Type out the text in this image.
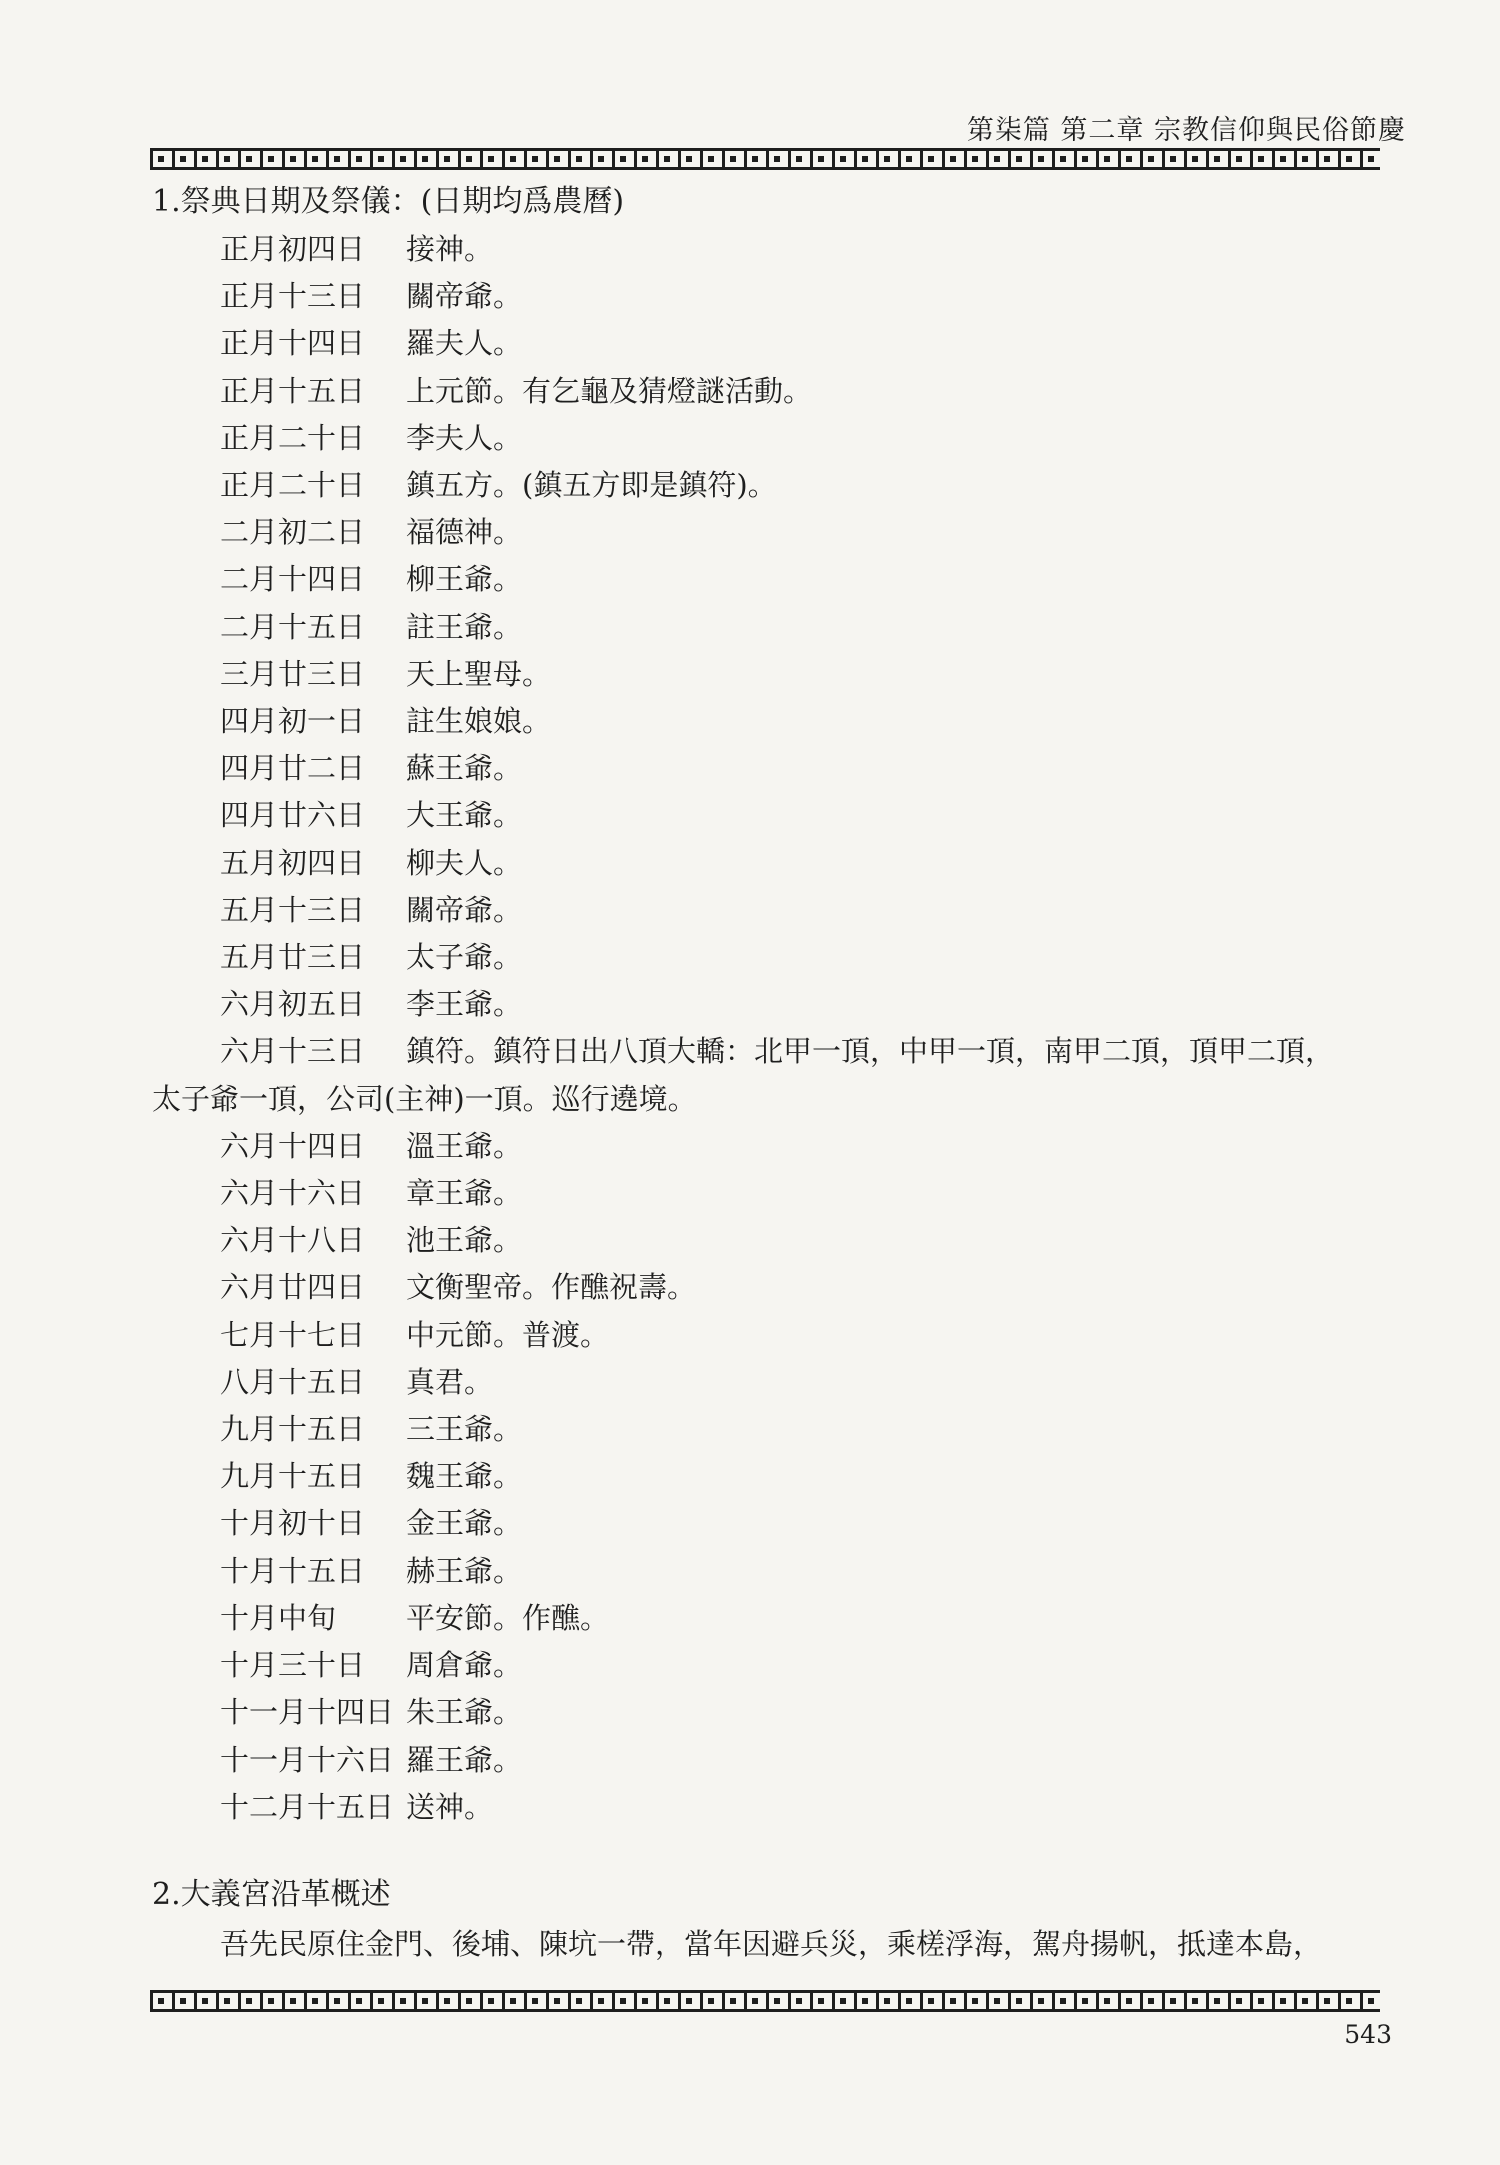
第柒篇 第二章 宗教信仰與民俗節慶

1.祭典日期及祭儀：(日期均爲農曆)

正月初四日 接神。
正月十三日 關帝爺。
正月十四日 羅夫人。
正月十五日 上元節。有乞龜及猜燈謎活動。
正月二十日 李夫人。
正月二十日 鎮五方。(鎮五方即是鎮符)。
二月初二日 福德神。
二月十四日 柳王爺。
二月十五日 註王爺。
三月廿三日 天上聖母。
四月初一日 註生娘娘。
四月廿二日 蘇王爺。
四月廿六日 大王爺。
五月初四日 柳夫人。
五月十三日 關帝爺。
五月廿三日 太子爺。
六月初五日 李王爺。
六月十三日 鎮符。鎮符日出八頂大轎：北甲一頂，中甲一頂，南甲二頂，頂甲二頂，
太子爺一頂，公司(主神)一頂。巡行遶境。
六月十四日 溫王爺。
六月十六日 章王爺。
六月十八日 池王爺。
六月廿四日 文衡聖帝。作醮祝壽。
七月十七日 中元節。普渡。
八月十五日 真君。
九月十五日 三王爺。
九月十五日 魏王爺。
十月初十日 金王爺。
十月十五日 赫王爺。
十月中旬 平安節。作醮。
十月三十日 周倉爺。
十一月十四日 朱王爺。
十一月十六日 羅王爺。
十二月十五日 送神。

2.大義宮沿革概述

吾先民原住金門、後埔、陳坑一帶，當年因避兵災，乘槎浮海，駕舟揚帆，抵達本島，

543
